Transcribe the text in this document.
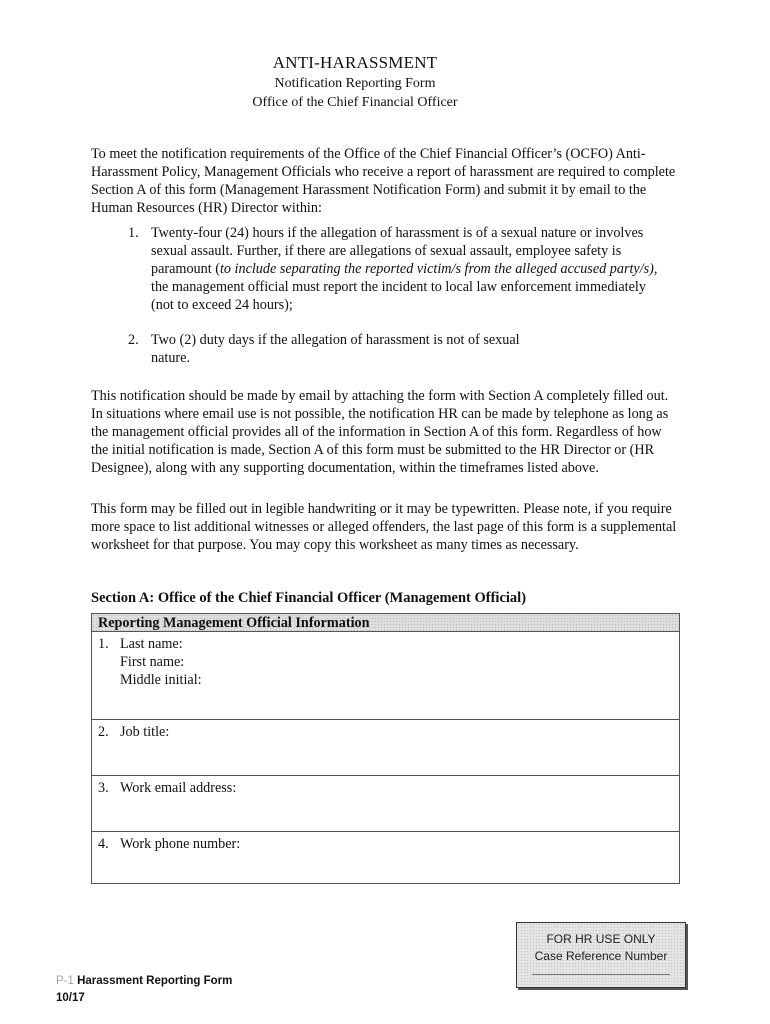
ANTI-HARASSMENT
Notification Reporting Form
Office of the Chief Financial Officer

To meet the notification requirements of the Office of the Chief Financial Officer’s (OCFO) Anti-Harassment Policy, Management Officials who receive a report of harassment are required to complete Section A of this form (Management Harassment Notification Form) and submit it by email to the Human Resources (HR) Director within:

1. Twenty-four (24) hours if the allegation of harassment is of a sexual nature or involves sexual assault. Further, if there are allegations of sexual assault, employee safety is paramount (to include separating the reported victim/s from the alleged accused party/s), the management official must report the incident to local law enforcement immediately (not to exceed 24 hours);
2. Two (2) duty days if the allegation of harassment is not of sexual nature.

This notification should be made by email by attaching the form with Section A completely filled out. In situations where email use is not possible, the notification HR can be made by telephone as long as the management official provides all of the information in Section A of this form. Regardless of how the initial notification is made, Section A of this form must be submitted to the HR Director or (HR Designee), along with any supporting documentation, within the timeframes listed above.

This form may be filled out in legible handwriting or it may be typewritten. Please note, if you require more space to list additional witnesses or alleged offenders, the last page of this form is a supplemental worksheet for that purpose. You may copy this worksheet as many times as necessary.

Section A: Office of the Chief Financial Officer (Management Official)
Reporting Management Official Information
1. Last name:
First name:
Middle initial:
2. Job title:
3. Work email address:
4. Work phone number:
FOR HR USE ONLY
Case Reference Number
P-1 Harassment Reporting Form
10/17
